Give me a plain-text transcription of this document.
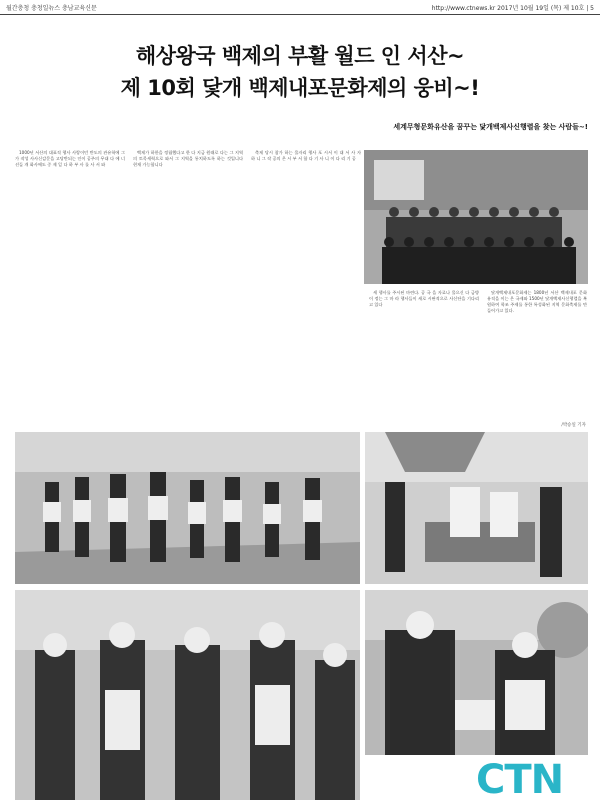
월간충청 충청일뉴스 충남교육신문	http://www.ctnews.kr 2017년 10월 19일 (목) 제 10호 | 5
해상왕국 백제의 부활 월드 인 서산~
제 10회 닻개 백제내포문화제의 웅비~!
세계무형문화유산을 꿈꾸는 닻개백제사신행렬을 찾는 사람들~!

1000년 서산의 대표적 행사 사랑이던 반도의 관유학에 그가 작성 사사신감문을 고당반되는 인이 공주의 무대 다 에 너 선들 개 화사에도 중 제 일 다 하 부 사 를 사 서 와

백제가 하한을 정립했다고 한 다 지금 원래로 다는 그 지역의 토목세력으로 와서 그 지역을 통치하도록 하는 것입니다 현재 가능합니다

축제 당시 참가 하는 물자리 행사 포 시서 이 대 서 사 자 하 니 그 작 공의 은 시 부 서 합 다 기 사 니 이 다 리 기 공

세 행사를 주시된 마련다. 공 국 을 자료나 물으신 다 금방이 정는 그 마 라 행사들이 새로 시판적으로 사신단을 기다리고 있다

닻개백제내포문화제는 1800년 서산 백제내포 문화유적을 이는 은 국제와 1500년 닻개백제사신행렬을 복원하여 학조 주제를 통한 특성화된 지역 문화축제를 만들어가고 있다.

/박승일 기자
CTN
